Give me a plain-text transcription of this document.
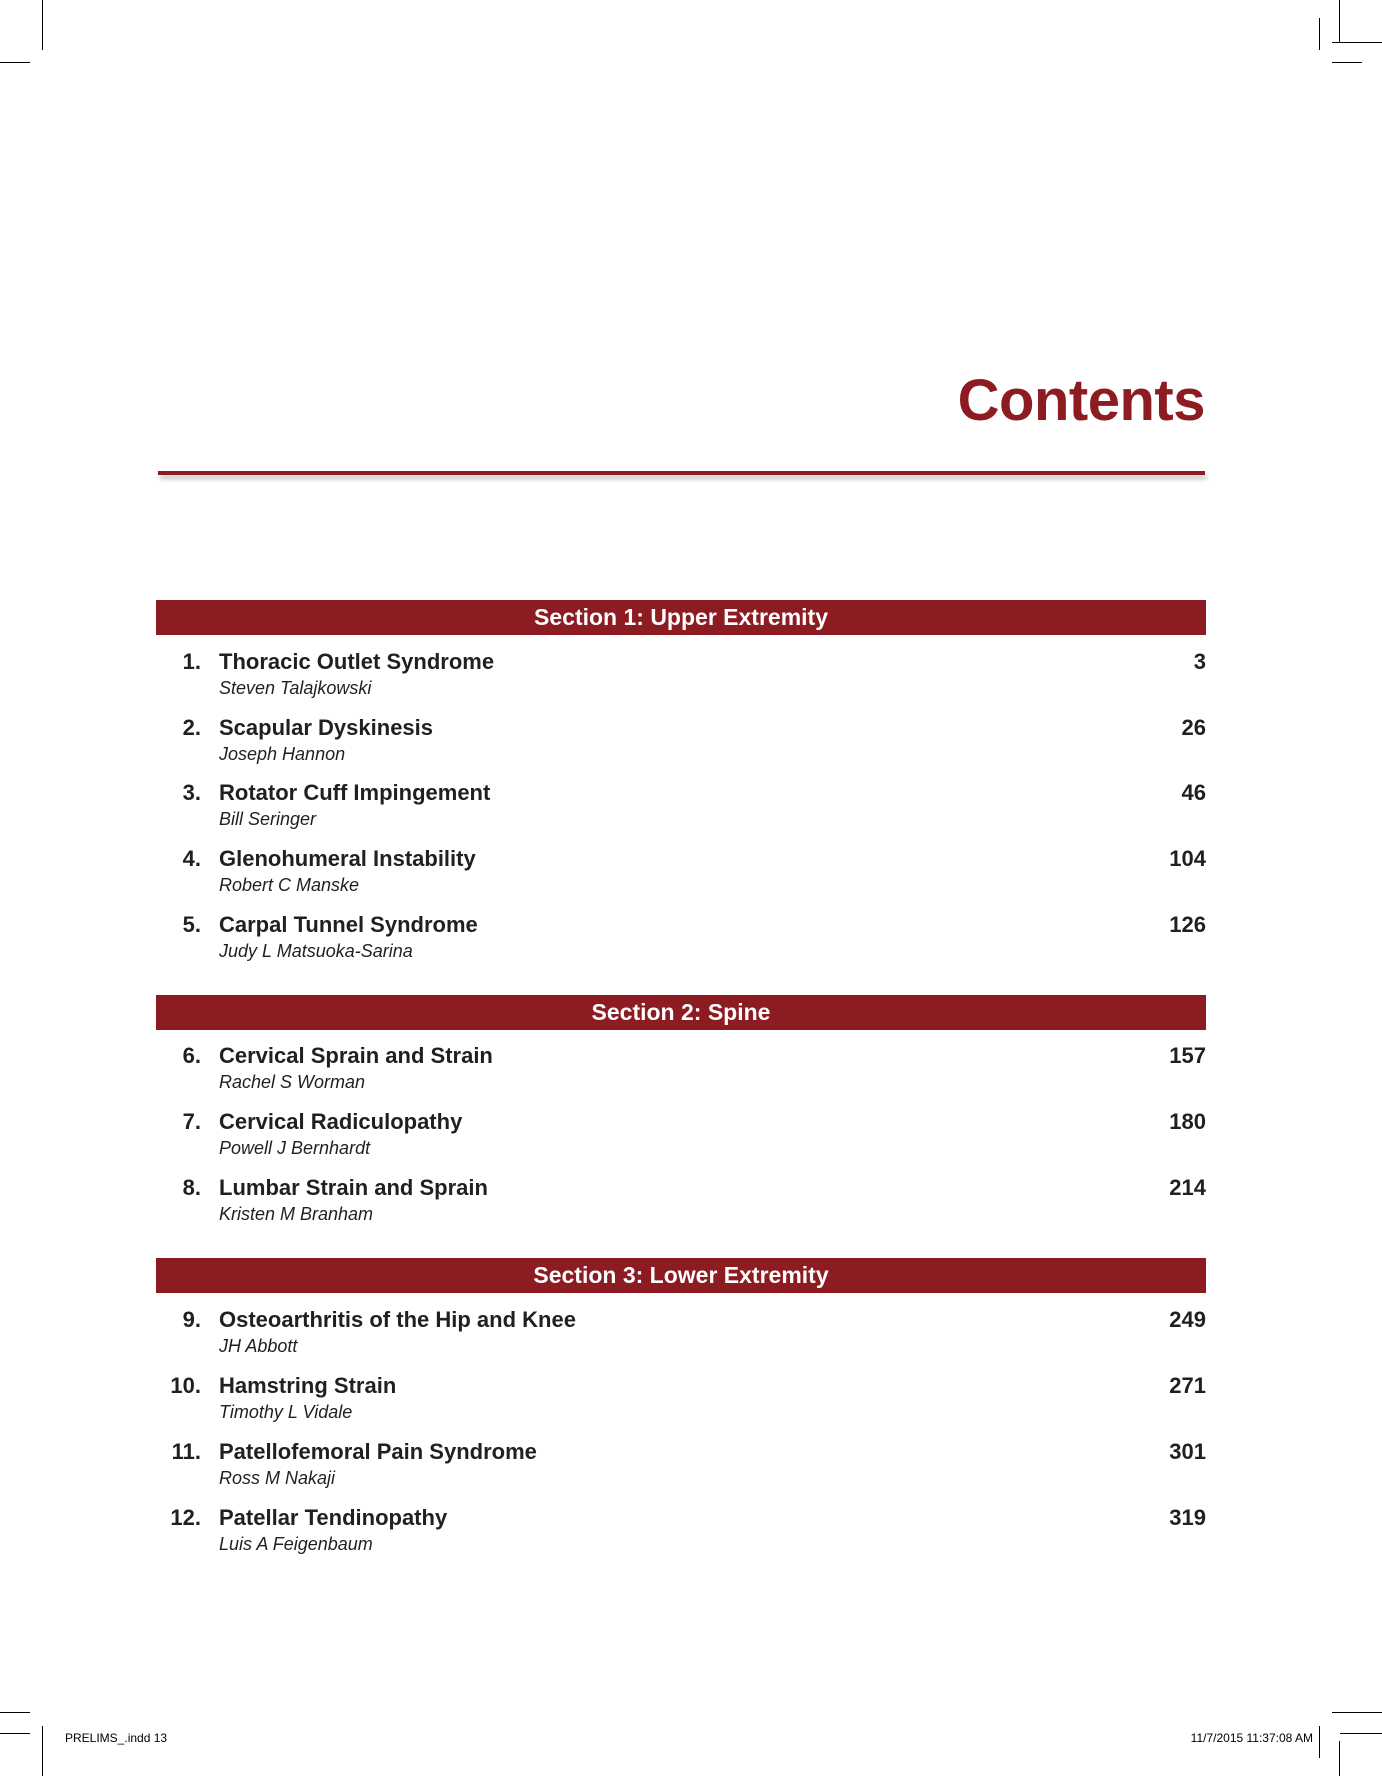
Contents
Section 1: Upper Extremity
1. Thoracic Outlet Syndrome
Steven Talajkowski
3
2. Scapular Dyskinesis
Joseph Hannon
26
3. Rotator Cuff Impingement
Bill Seringer
46
4. Glenohumeral Instability
Robert C Manske
104
5. Carpal Tunnel Syndrome
Judy L Matsuoka-Sarina
126
Section 2: Spine
6. Cervical Sprain and Strain
Rachel S Worman
157
7. Cervical Radiculopathy
Powell J Bernhardt
180
8. Lumbar Strain and Sprain
Kristen M Branham
214
Section 3: Lower Extremity
9. Osteoarthritis of the Hip and Knee
JH Abbott
249
10. Hamstring Strain
Timothy L Vidale
271
11. Patellofemoral Pain Syndrome
Ross M Nakaji
301
12. Patellar Tendinopathy
Luis A Feigenbaum
319
PRELIMS_.indd 13	11/7/2015 11:37:08 AM
